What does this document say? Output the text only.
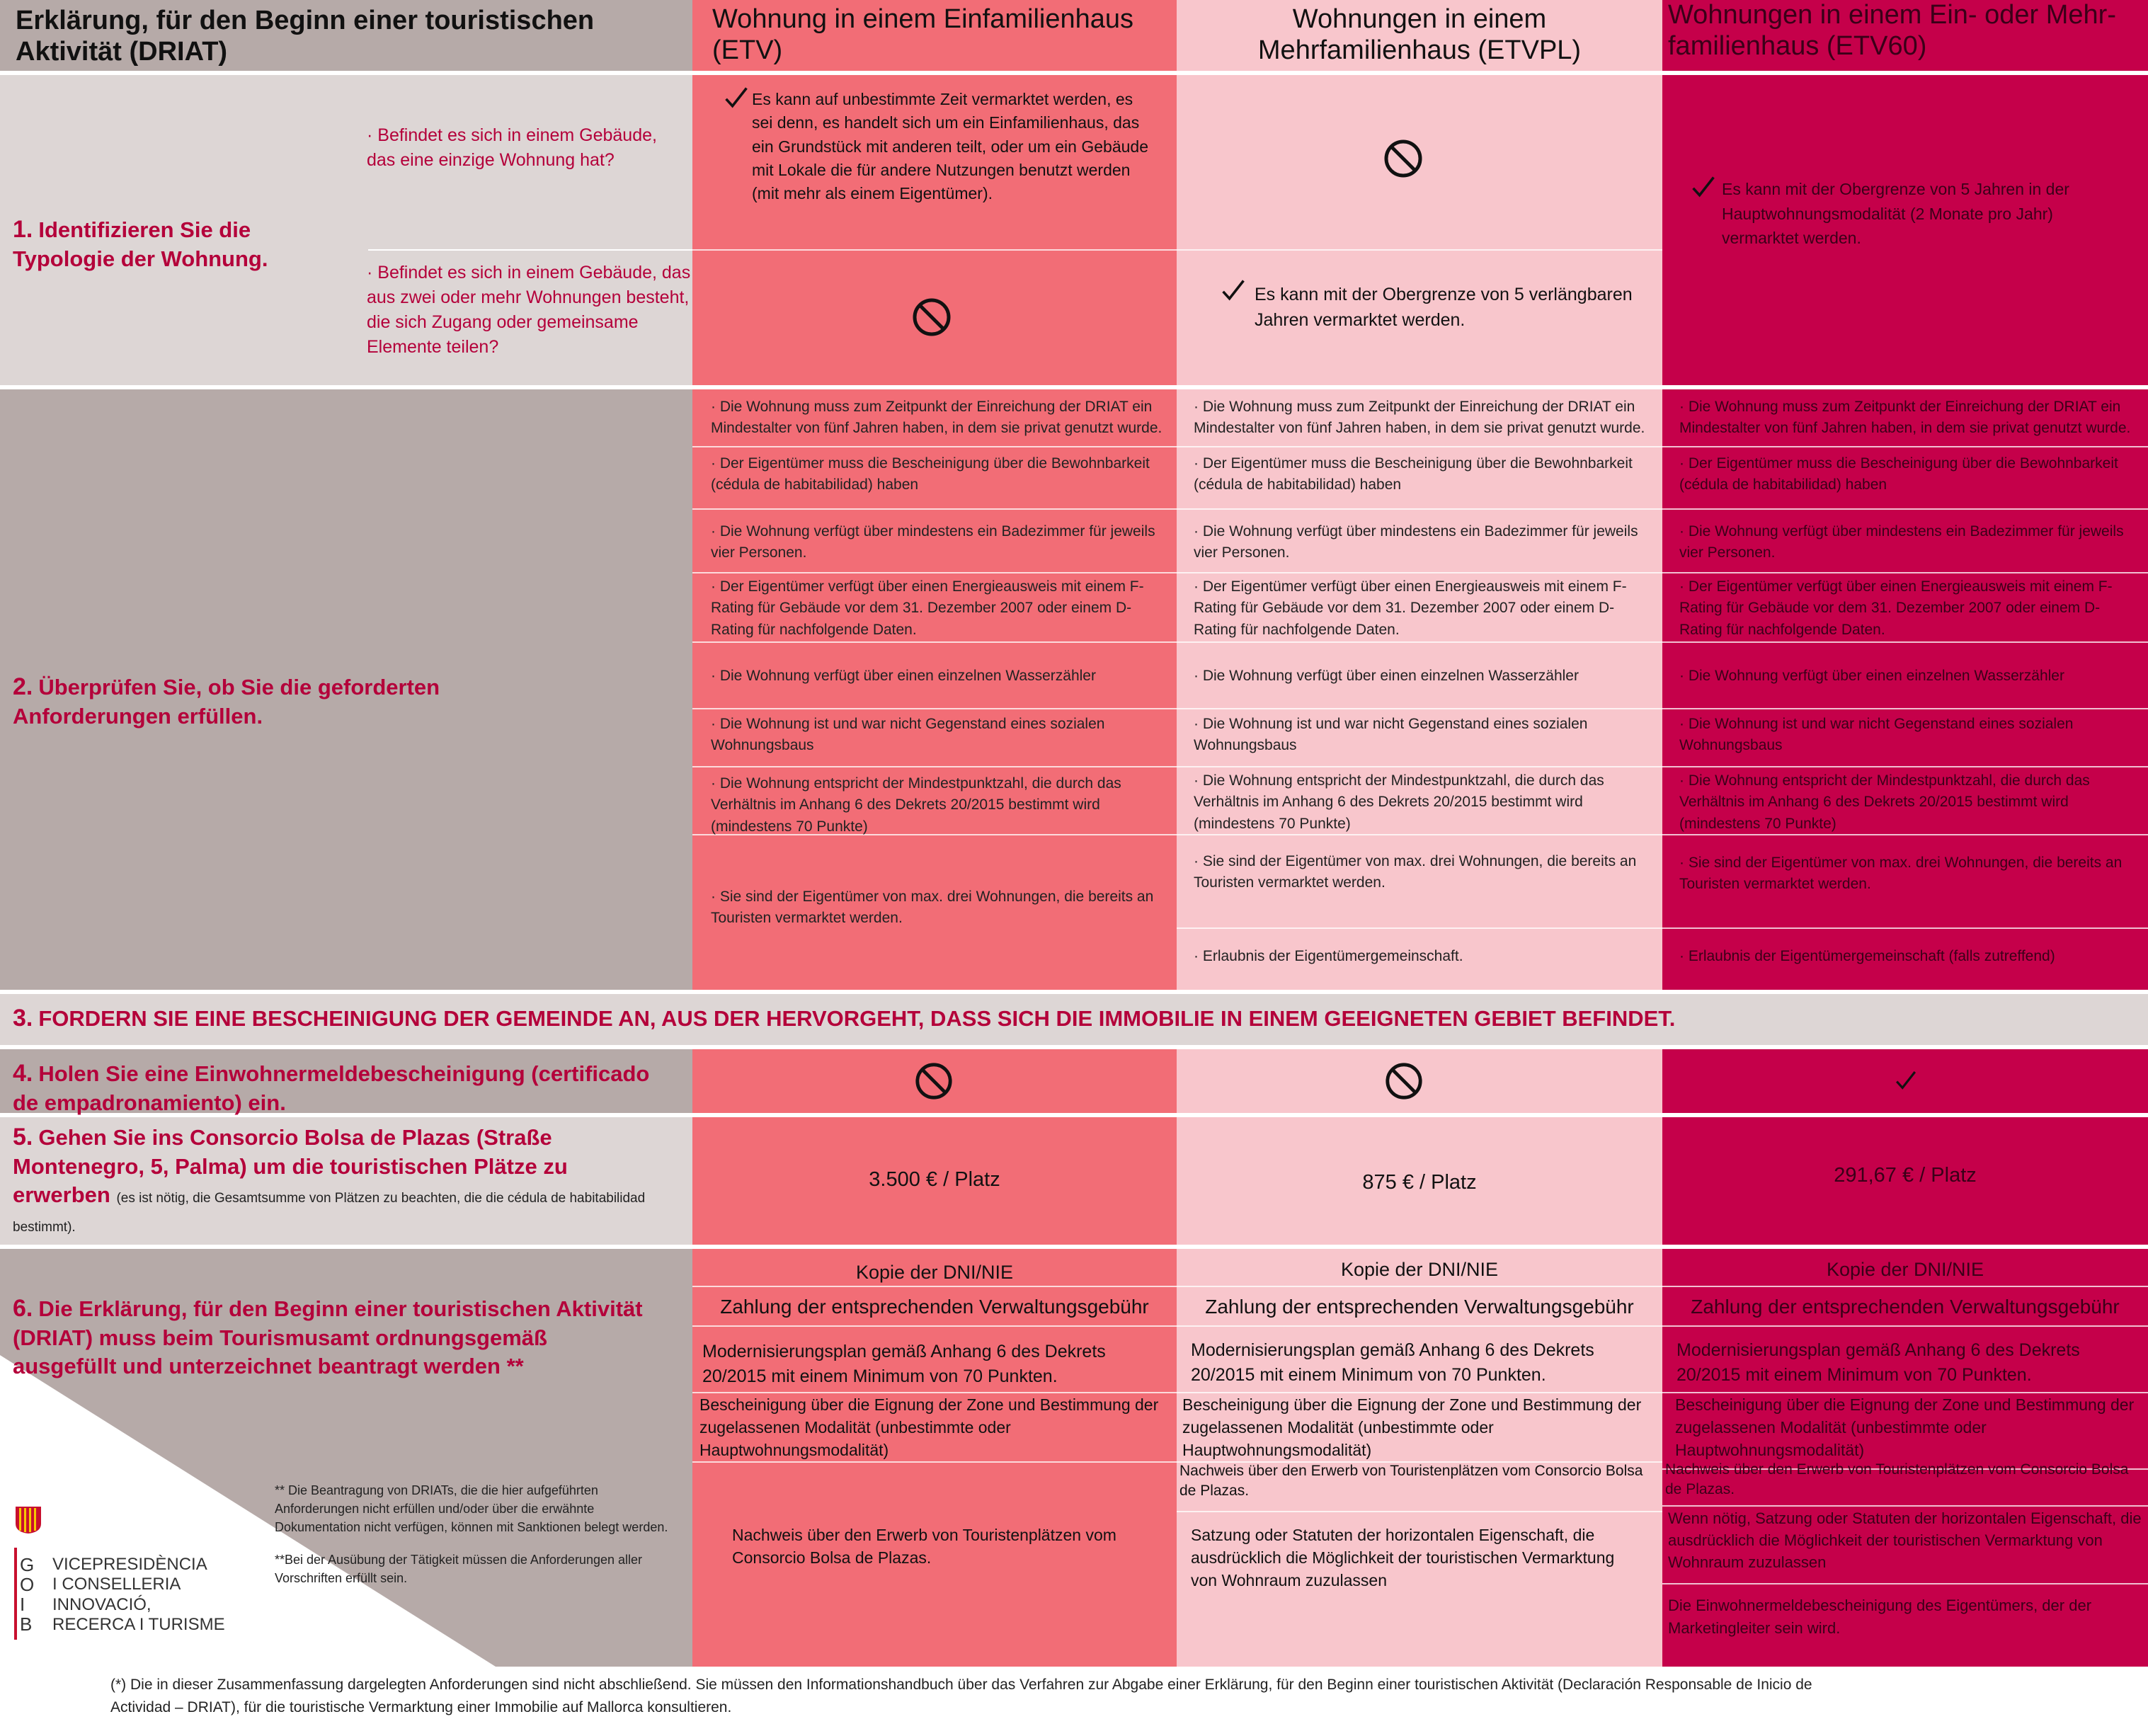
Erklärung, für den Beginn einer touristischen Aktivität (DRIAT)
Wohnung in einem Einfamilienhaus (ETV)
Wohnungen in einem Mehrfamilienhaus (ETVPL)
Wohnungen in einem Ein- oder Mehr-familienhaus (ETV60)
1. Identifizieren Sie die Typologie der Wohnung.
· Befindet es sich in einem Gebäude, das eine einzige Wohnung hat?
· Befindet es sich in einem Gebäude, das aus zwei oder mehr Wohnungen besteht, die sich Zugang oder gemeinsame Elemente teilen?
Es kann auf unbestimmte Zeit vermarktet werden, es sei denn, es handelt sich um ein Einfamilienhaus, das ein Grundstück mit anderen teilt, oder um ein Gebäude mit Lokale die für andere Nutzungen benutzt werden (mit mehr als einem Eigentümer).
Es kann mit der Obergrenze von 5 verlängbaren Jahren vermarktet werden.
Es kann mit der Obergrenze von 5 Jahren in der Hauptwohnungsmodalität (2 Monate pro Jahr) vermarktet werden.
2. Überprüfen Sie, ob Sie die geforderten Anforderungen erfüllen.
· Die Wohnung muss zum Zeitpunkt der Einreichung der DRIAT ein Mindestalter von fünf Jahren haben, in dem sie privat genutzt wurde.
· Der Eigentümer muss die Bescheinigung über die Bewohnbarkeit (cédula de habitabilidad) haben
· Die Wohnung verfügt über mindestens ein Badezimmer für jeweils vier Personen.
· Der Eigentümer verfügt über einen Energieausweis mit einem F-Rating für Gebäude vor dem 31. Dezember 2007 oder einem D-Rating für nachfolgende Daten.
· Die Wohnung verfügt über einen einzelnen Wasserzähler
· Die Wohnung ist und war nicht Gegenstand eines sozialen Wohnungsbaus
· Die Wohnung entspricht der Mindestpunktzahl, die durch das Verhältnis im Anhang 6 des Dekrets 20/2015 bestimmt wird (mindestens 70 Punkte)
· Sie sind der Eigentümer von max. drei Wohnungen, die bereits an Touristen vermarktet werden.
· Die Wohnung muss zum Zeitpunkt der Einreichung der DRIAT ein Mindestalter von fünf Jahren haben, in dem sie privat genutzt wurde.
· Der Eigentümer muss die Bescheinigung über die Bewohnbarkeit (cédula de habitabilidad) haben
· Die Wohnung verfügt über mindestens ein Badezimmer für jeweils vier Personen.
· Der Eigentümer verfügt über einen Energieausweis mit einem F-Rating für Gebäude vor dem 31. Dezember 2007 oder einem D-Rating für nachfolgende Daten.
· Die Wohnung verfügt über einen einzelnen Wasserzähler
· Die Wohnung ist und war nicht Gegenstand eines sozialen Wohnungsbaus
· Die Wohnung entspricht der Mindestpunktzahl, die durch das Verhältnis im Anhang 6 des Dekrets 20/2015 bestimmt wird (mindestens 70 Punkte)
· Sie sind der Eigentümer von max. drei Wohnungen, die bereits an Touristen vermarktet werden.
· Erlaubnis der Eigentümergemeinschaft.
· Die Wohnung muss zum Zeitpunkt der Einreichung der DRIAT ein Mindestalter von fünf Jahren haben, in dem sie privat genutzt wurde.
· Der Eigentümer muss die Bescheinigung über die Bewohnbarkeit (cédula de habitabilidad) haben
· Die Wohnung verfügt über mindestens ein Badezimmer für jeweils vier Personen.
· Der Eigentümer verfügt über einen Energieausweis mit einem F-Rating für Gebäude vor dem 31. Dezember 2007 oder einem D-Rating für nachfolgende Daten.
· Die Wohnung verfügt über einen einzelnen Wasserzähler
· Die Wohnung ist und war nicht Gegenstand eines sozialen Wohnungsbaus
· Die Wohnung entspricht der Mindestpunktzahl, die durch das Verhältnis im Anhang 6 des Dekrets 20/2015 bestimmt wird (mindestens 70 Punkte)
· Sie sind der Eigentümer von max. drei Wohnungen, die bereits an Touristen vermarktet werden.
· Erlaubnis der Eigentümergemeinschaft (falls zutreffend)
3. FORDERN SIE EINE BESCHEINIGUNG DER GEMEINDE AN, AUS DER HERVORGEHT, DASS SICH DIE IMMOBILIE IN EINEM GEEIGNETEN GEBIET BEFINDET.
4. Holen Sie eine Einwohnermeldebescheinigung (certificado de empadronamiento) ein.
5. Gehen Sie ins Consorcio Bolsa de Plazas (Straße Montenegro, 5, Palma) um die touristischen Plätze zu erwerben (es ist nötig, die Gesamtsumme von Plätzen zu beachten, die die cédula de habitabilidad bestimmt).
3.500 € / Platz	875 € / Platz	291,67 € / Platz
6. Die Erklärung, für den Beginn einer touristischen Aktivität (DRIAT) muss beim Tourismusamt ordnungsgemäß ausgefüllt und unterzeichnet beantragt werden **
** Die Beantragung von DRIATs, die die hier aufgeführten Anforderungen nicht erfüllen und/oder über die erwähnte Dokumentation nicht verfügen, können mit Sanktionen belegt werden.
**Bei der Ausübung der Tätigkeit müssen die Anforderungen aller Vorschriften erfüllt sein.
G
O
I
B
VICEPRESIDÈNCIA
I CONSELLERIA
INNOVACIÓ,
RECERCA I TURISME
Kopie der DNI/NIE
Zahlung der entsprechenden Verwaltungsgebühr
Modernisierungsplan gemäß Anhang 6 des Dekrets 20/2015 mit einem Minimum von 70 Punkten.
Bescheinigung über die Eignung der Zone und Bestimmung der zugelassenen Modalität (unbestimmte oder Hauptwohnungsmodalität)
Nachweis über den Erwerb von Touristenplätzen vom Consorcio Bolsa de Plazas.
Kopie der DNI/NIE
Zahlung der entsprechenden Verwaltungsgebühr
Modernisierungsplan gemäß Anhang 6 des Dekrets 20/2015 mit einem Minimum von 70 Punkten.
Bescheinigung über die Eignung der Zone und Bestimmung der zugelassenen Modalität (unbestimmte oder Hauptwohnungsmodalität)
Nachweis über den Erwerb von Touristenplätzen vom Consorcio Bolsa de Plazas.
Satzung oder Statuten der horizontalen Eigenschaft, die ausdrücklich die Möglichkeit der touristischen Vermarktung von Wohnraum zuzulassen
Kopie der DNI/NIE
Zahlung der entsprechenden Verwaltungsgebühr
Modernisierungsplan gemäß Anhang 6 des Dekrets 20/2015 mit einem Minimum von 70 Punkten.
Bescheinigung über die Eignung der Zone und Bestimmung der zugelassenen Modalität (unbestimmte oder Hauptwohnungsmodalität)
Nachweis über den Erwerb von Touristenplätzen vom Consorcio Bolsa de Plazas.
Wenn nötig, Satzung oder Statuten der horizontalen Eigenschaft, die ausdrücklich die Möglichkeit der touristischen Vermarktung von Wohnraum zuzulassen
Die Einwohnermeldebescheinigung des Eigentümers, der der Marketingleiter sein wird.
(*) Die in dieser Zusammenfassung dargelegten Anforderungen sind nicht abschließend. Sie müssen den Informationshandbuch über das Verfahren zur Abgabe einer Erklärung, für den Beginn einer touristischen Aktivität (Declaración Responsable de Inicio de Actividad – DRIAT), für die touristische Vermarktung einer Immobilie auf Mallorca konsultieren.
